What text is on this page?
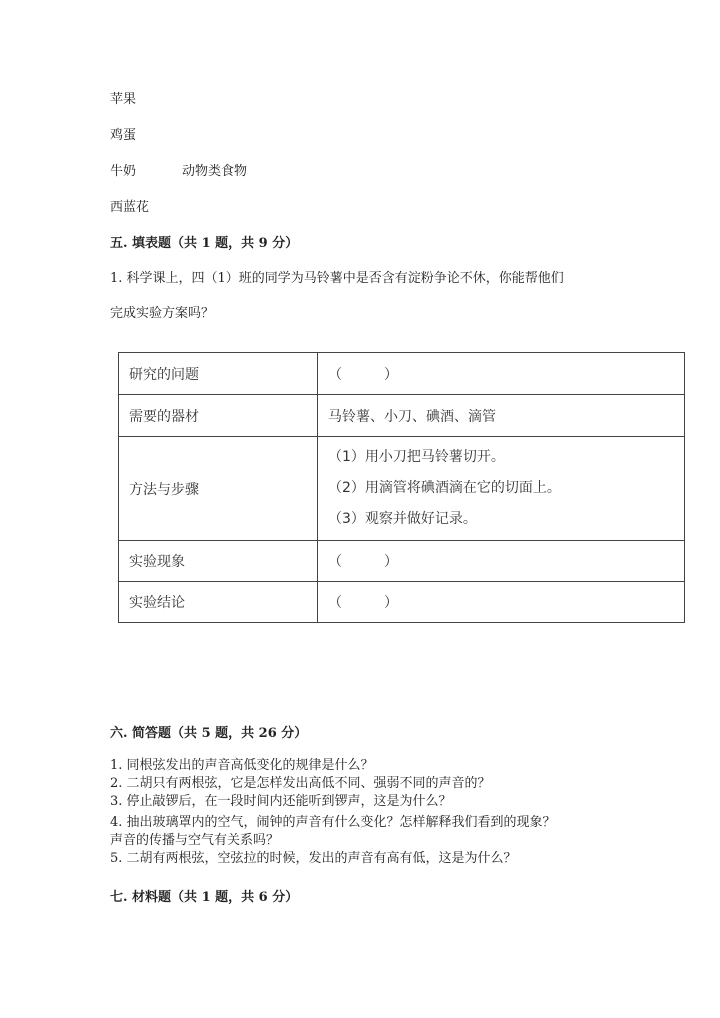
苹果
鸡蛋
牛奶	动物类食物
西蓝花
五. 填表题（共 1 题，共 9 分）
1. 科学课上，四（1）班的同学为马铃薯中是否含有淀粉争论不休，你能帮他们
完成实验方案吗？
研究的问题	（　　　）
需要的器材	马铃薯、小刀、碘酒、滴管
方法与步骤	（1）用小刀把马铃薯切开。
（2）用滴管将碘酒滴在它的切面上。
（3）观察并做好记录。

实验现象	（　　　）
实验结论	（　　　）
六. 简答题（共 5 题，共 26 分）
1. 同根弦发出的声音高低变化的规律是什么？
2. 二胡只有两根弦，它是怎样发出高低不同、强弱不同的声音的？
3. 停止敲锣后，在一段时间内还能听到锣声，这是为什么？
4. 抽出玻璃罩内的空气，闹钟的声音有什么变化？怎样解释我们看到的现象？
声音的传播与空气有关系吗？
5. 二胡有两根弦，空弦拉的时候，发出的声音有高有低，这是为什么？
七. 材料题（共 1 题，共 6 分）
